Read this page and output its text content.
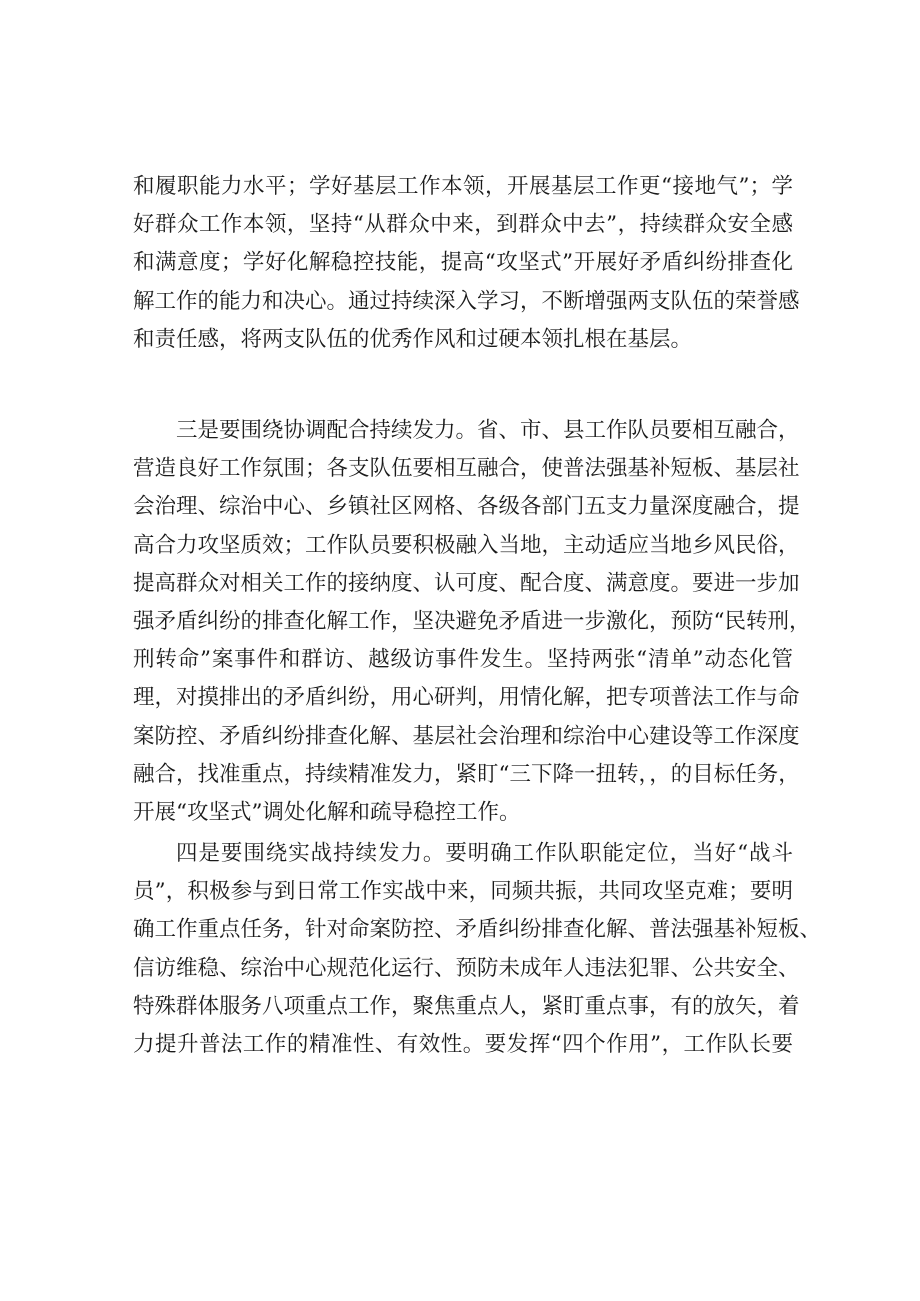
和履职能力水平；学好基层工作本领，开展基层工作更“接地气”；学
好群众工作本领，坚持“从群众中来，到群众中去”，持续群众安全感
和满意度；学好化解稳控技能，提高“攻坚式”开展好矛盾纠纷排查化
解工作的能力和决心。通过持续深入学习，不断增强两支队伍的荣誉感
和责任感，将两支队伍的优秀作风和过硬本领扎根在基层。
三是要围绕协调配合持续发力。省、市、县工作队员要相互融合，
营造良好工作氛围；各支队伍要相互融合，使普法强基补短板、基层社
会治理、综治中心、乡镇社区网格、各级各部门五支力量深度融合，提
高合力攻坚质效；工作队员要积极融入当地，主动适应当地乡风民俗，
提高群众对相关工作的接纳度、认可度、配合度、满意度。要进一步加
强矛盾纠纷的排查化解工作，坚决避免矛盾进一步激化，预防“民转刑，
刑转命”案事件和群访、越级访事件发生。坚持两张“清单”动态化管
理，对摸排出的矛盾纠纷，用心研判，用情化解，把专项普法工作与命
案防控、矛盾纠纷排查化解、基层社会治理和综治中心建设等工作深度
融合，找准重点，持续精准发力，紧盯“三下降一扭转，，的目标任务，
开展“攻坚式”调处化解和疏导稳控工作。
四是要围绕实战持续发力。要明确工作队职能定位，当好“战斗
员”，积极参与到日常工作实战中来，同频共振，共同攻坚克难；要明
确工作重点任务，针对命案防控、矛盾纠纷排查化解、普法强基补短板、
信访维稳、综治中心规范化运行、预防未成年人违法犯罪、公共安全、
特殊群体服务八项重点工作，聚焦重点人，紧盯重点事，有的放矢，着
力提升普法工作的精准性、有效性。要发挥“四个作用”，工作队长要
